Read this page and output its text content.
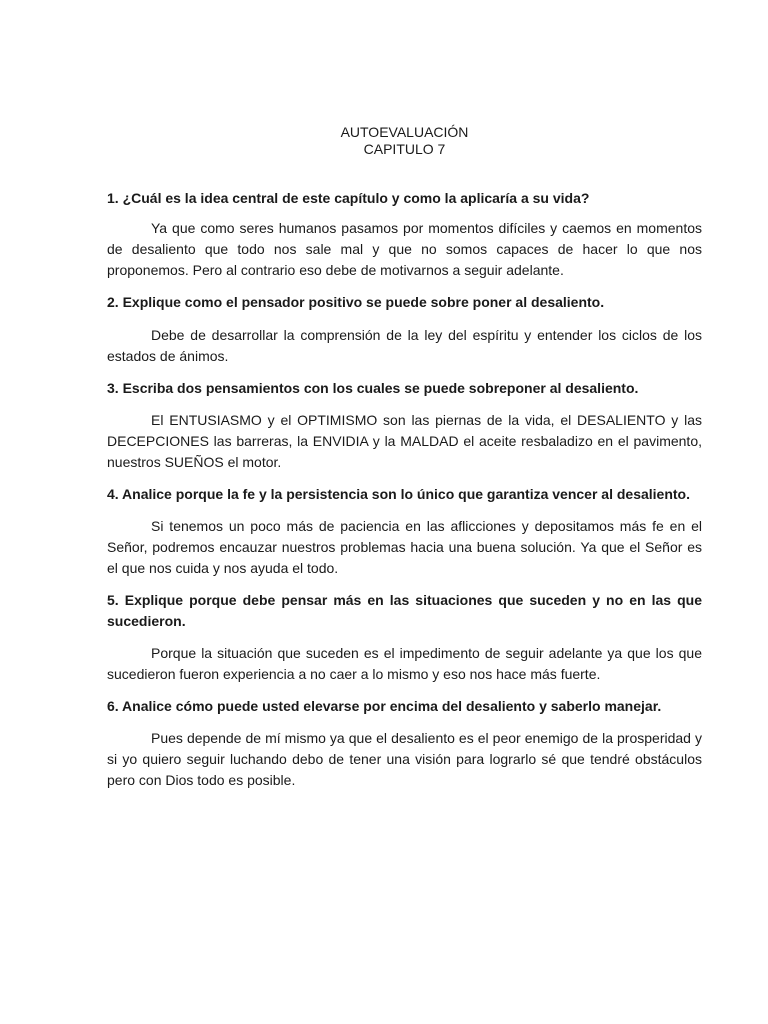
AUTOEVALUACIÓN

CAPITULO 7

1. ¿Cuál es la idea central de este capítulo y como la aplicaría a su vida?

Ya que como seres humanos pasamos por momentos difíciles y caemos en momentos de desaliento que todo nos sale mal y que no somos capaces de hacer lo que nos proponemos. Pero al contrario eso debe de motivarnos a seguir adelante.

2. Explique como el pensador positivo se puede sobre poner al desaliento.

Debe de desarrollar la comprensión de la ley del espíritu y entender los ciclos de los estados de ánimos.

3. Escriba dos pensamientos con los cuales se puede sobreponer al desaliento.

El ENTUSIASMO y el OPTIMISMO son las piernas de la vida, el DESALIENTO y las DECEPCIONES las barreras, la ENVIDIA y la MALDAD el aceite resbaladizo en el pavimento, nuestros SUEÑOS el motor.

4. Analice porque la fe y la persistencia son lo único que garantiza vencer al desaliento.

Si tenemos un poco más de paciencia en las aflicciones y depositamos más fe en el Señor, podremos encauzar nuestros problemas hacia una buena solución. Ya que el Señor es el que nos cuida y nos ayuda el todo.

5. Explique porque debe pensar más en las situaciones que suceden y no en las que sucedieron.

Porque la situación que suceden es el impedimento de seguir adelante ya que los que sucedieron fueron experiencia a no caer a lo mismo y eso nos hace más fuerte.

6. Analice cómo puede usted elevarse por encima del desaliento y saberlo manejar.

Pues depende de mí mismo ya que el desaliento es el peor enemigo de la prosperidad y si yo quiero seguir luchando debo de tener una visión para lograrlo sé que tendré obstáculos pero con Dios todo es posible.
